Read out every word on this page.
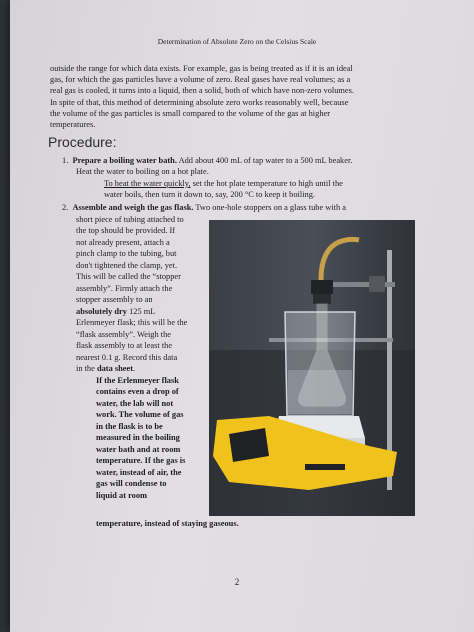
Determination of Absolute Zero on the Celsius Scale

outside the range for which data exists. For example, gas is being treated as if it is an ideal

gas, for which the gas particles have a volume of zero. Real gases have real volumes; as a

real gas is cooled, it turns into a liquid, then a solid, both of which have non-zero volumes.

In spite of that, this method of determining absolute zero works reasonably well, because

the volume of the gas particles is small compared to the volume of the gas at higher

temperatures.

Procedure:
1. Prepare a boiling water bath. Add about 400 mL of tap water to a 500 mL beaker.
Heat the water to boiling on a hot plate.
To heat the water quickly, set the hot plate temperature to high until the
water boils, then turn it down to, say, 200 °C to keep it boiling.
2. Assemble and weigh the gas flask. Two one-hole stoppers on a glass tube with a
short piece of tubing attached to
the top should be provided. If
not already present, attach a
pinch clamp to the tubing, but
don't tightened the clamp, yet.
This will be called the “stopper
assembly”. Firmly attach the
stopper assembly to an
absolutely dry 125 mL
Erlenmeyer flask; this will be the
“flask assembly”. Weigh the
flask assembly to at least the
nearest 0.1 g. Record this data
in the data sheet.
If the Erlenmeyer flask
contains even a drop of
water, the lab will not
work. The volume of gas
in the flask is to be
measured in the boiling
water bath and at room
temperature. If the gas is
water, instead of air, the
gas will condense to
liquid at room
temperature, instead of staying gaseous.
2
